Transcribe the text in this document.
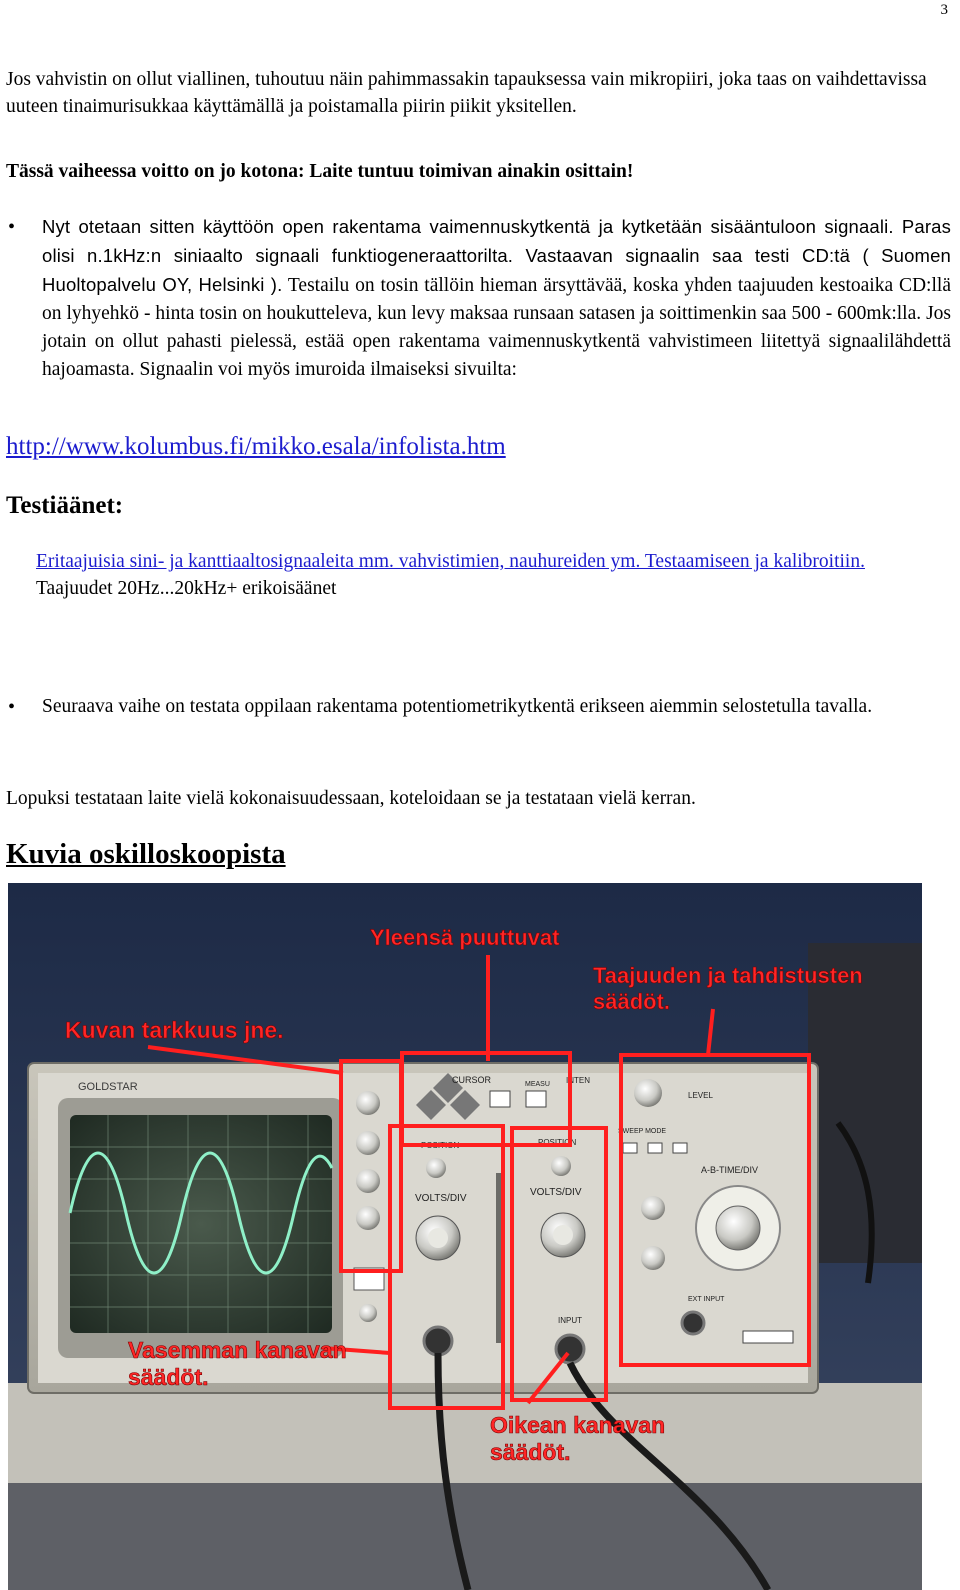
3

Jos vahvistin on ollut viallinen, tuhoutuu näin pahimmassakin tapauksessa vain mikropiiri, joka taas on vaihdettavissa uuteen tinaimurisukkaa käyttämällä ja poistamalla piirin piikit yksitellen.

Tässä vaiheessa voitto on jo kotona: Laite tuntuu toimivan ainakin osittain!

• Nyt otetaan sitten käyttöön open rakentama vaimennuskytkentä ja kytketään sisääntuloon signaali. Paras olisi n.1kHz:n siniaalto signaali funktiogeneraattorilta. Vastaavan signaalin saa testi CD:tä ( Suomen Huoltopalvelu OY, Helsinki ). Testailu on tosin tällöin hieman ärsyttävää, koska yhden taajuuden kestoaika CD:llä on lyhyehkö - hinta tosin on houkutteleva, kun levy maksaa runsaan satasen ja soittimenkin saa 500 - 600mk:lla. Jos jotain on ollut pahasti pielessä, estää open rakentama vaimennuskytkentä vahvistimeen liitettyä signaalilähdettä hajoamasta. Signaalin voi myös imuroida ilmaiseksi sivuilta:
http://www.kolumbus.fi/mikko.esala/infolista.htm
Testiäänet:
Eritaajuisia sini- ja kanttiaaltosignaaleita mm. vahvistimien, nauhureiden ym. Testaamiseen ja kalibroitiin.
Taajuudet 20Hz...20kHz+ erikoisäänet
• Seuraava vaihe on testata oppilaan rakentama potentiometrikytkentä erikseen aiemmin selostetulla tavalla.

Lopuksi testataan laite vielä kokonaisuudessaan, koteloidaan se ja testataan vielä kerran.

Kuvia oskilloskoopista
GOLDSTAR
CURSOR	MEASU INTEN
POSITION
VOLTS/DIV
POSITION
VOLTS/DIV
INPUT
LEVEL
SWEEP MODE
A-B-TIME/DIV
EXT INPUT
Yleensä puuttuvat
Taajuuden ja tahdistusten
säädöt.
Kuvan tarkkuus jne.
Vasemman kanavan
säädöt.
Oikean kanavan
säädöt.
